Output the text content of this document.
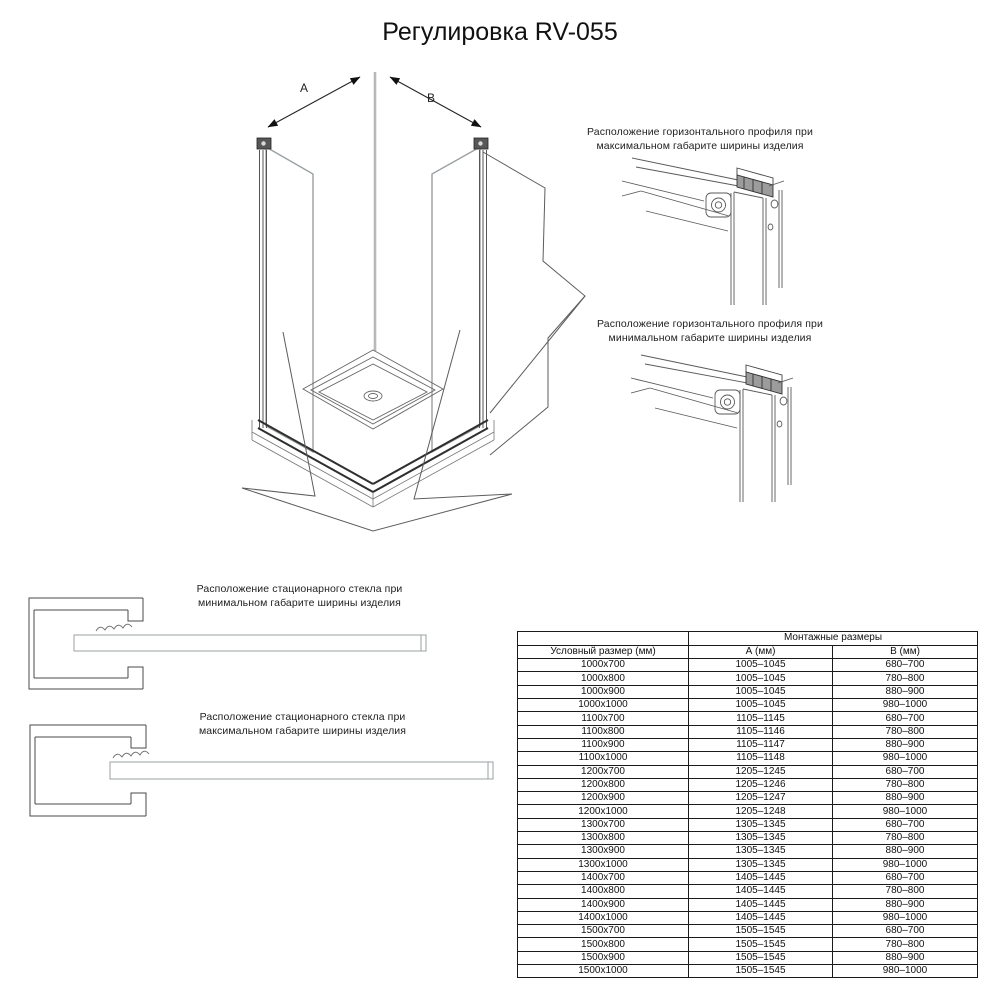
Регулировка RV-055
A
B
Расположение горизонтального профиля при
максимальном габарите ширины изделия
Расположение горизонтального профиля при
минимальном габарите ширины изделия
Расположение стационарного стекла при
минимальном габарите ширины изделия
Расположение стационарного стекла при
максимальном габарите ширины изделия
	Монтажные размеры	
Условный размер (мм)	А (мм)	В (мм)
1000x700	1005–1045	680–700
1000x800	1005–1045	780–800
1000x900	1005–1045	880–900
1000x1000	1005–1045	980–1000
1100x700	1105–1145	680–700
1100x800	1105–1146	780–800
1100x900	1105–1147	880–900
1100x1000	1105–1148	980–1000
1200x700	1205–1245	680–700
1200x800	1205–1246	780–800
1200x900	1205–1247	880–900
1200x1000	1205–1248	980–1000
1300x700	1305–1345	680–700
1300x800	1305–1345	780–800
1300x900	1305–1345	880–900
1300x1000	1305–1345	980–1000
1400x700	1405–1445	680–700
1400x800	1405–1445	780–800
1400x900	1405–1445	880–900
1400x1000	1405–1445	980–1000
1500x700	1505–1545	680–700
1500x800	1505–1545	780–800
1500x900	1505–1545	880–900
1500x1000	1505–1545	980–1000
